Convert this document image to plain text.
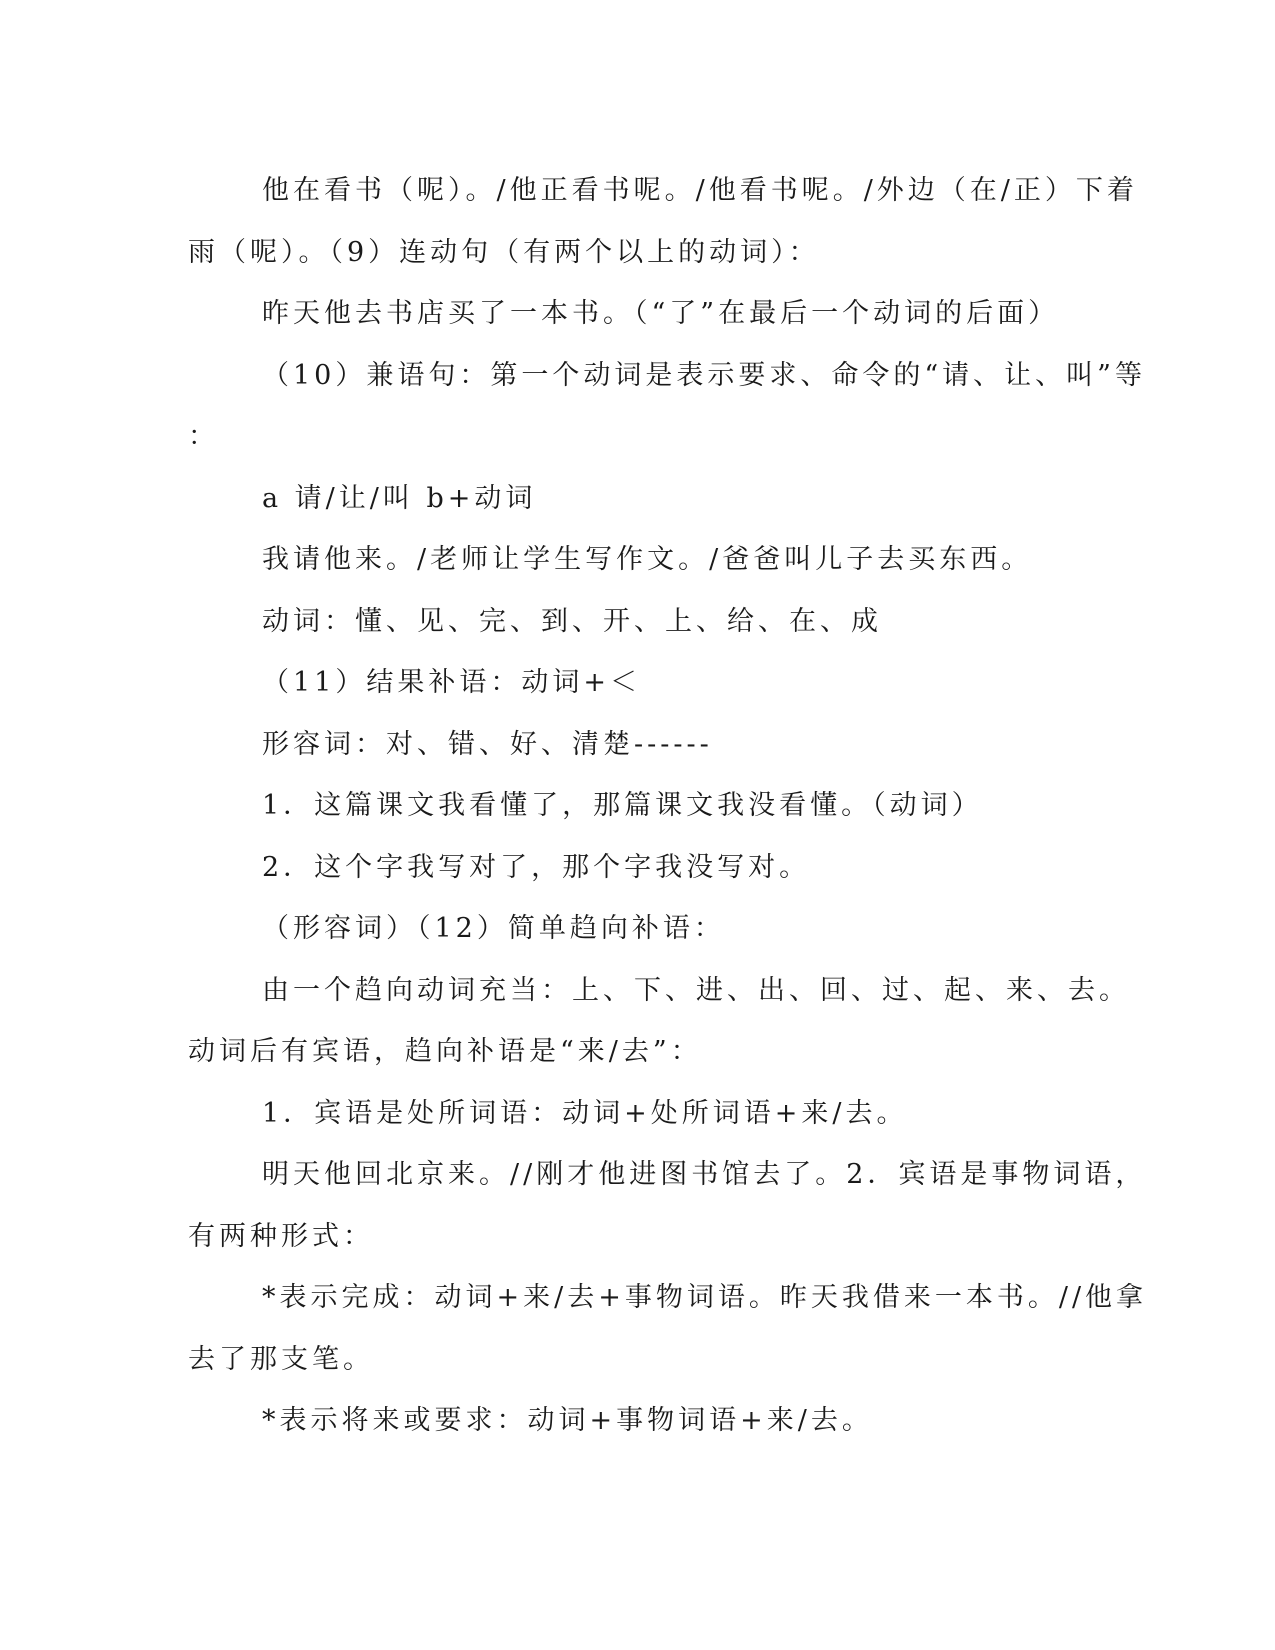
他在看书（呢）。/他正看书呢。/他看书呢。/外边（在/正）下着

雨（呢）。（9）连动句（有两个以上的动词）：

昨天他去书店买了一本书。（“了”在最后一个动词的后面）

（10）兼语句：第一个动词是表示要求、命令的“请、让、叫”等

：

a 请/让/叫 b+动词

我请他来。/老师让学生写作文。/爸爸叫儿子去买东西。

动词：懂、见、完、到、开、上、给、在、成

（11）结果补语：动词+＜

形容词：对、错、好、清楚------

1．这篇课文我看懂了，那篇课文我没看懂。（动词）

2．这个字我写对了，那个字我没写对。

（形容词）（12）简单趋向补语：

由一个趋向动词充当：上、下、进、出、回、过、起、来、去。

动词后有宾语，趋向补语是“来/去”：

1．宾语是处所词语：动词+处所词语+来/去。

明天他回北京来。//刚才他进图书馆去了。2．宾语是事物词语，

有两种形式：

*表示完成：动词+来/去+事物词语。昨天我借来一本书。//他拿

去了那支笔。

*表示将来或要求：动词+事物词语+来/去。
